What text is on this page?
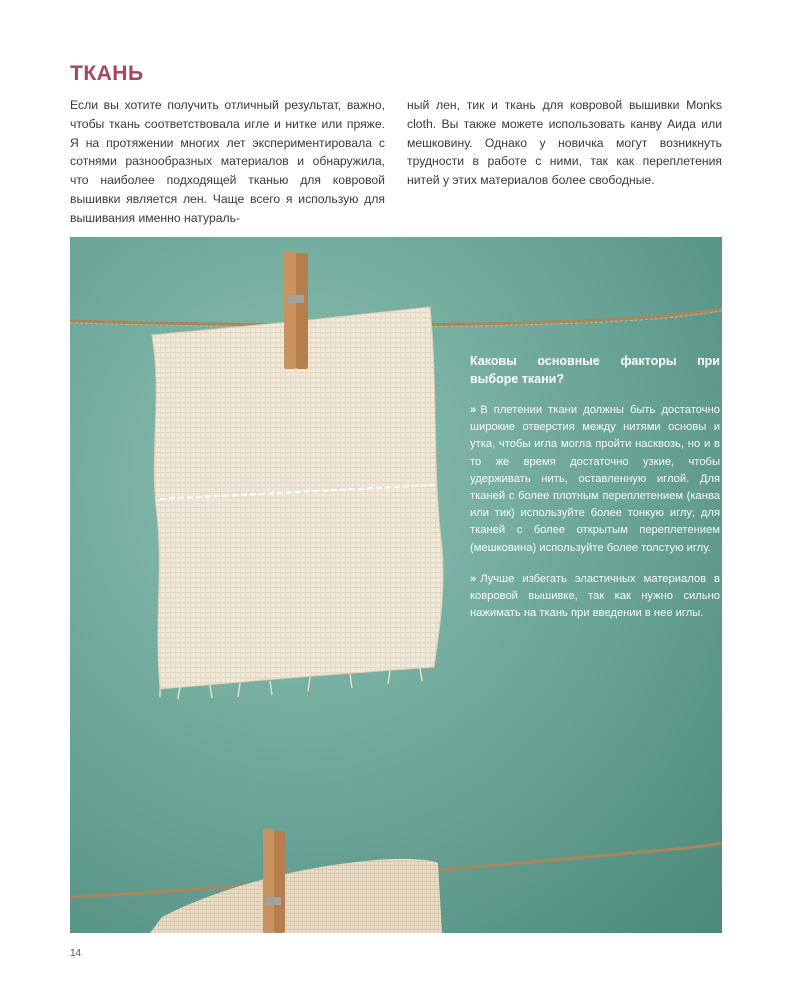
ТКАНЬ

Если вы хотите получить отличный результат, важно, чтобы ткань соответствовала игле и нитке или пряже. Я на протяжении многих лет экспериментировала с сотнями разнообразных материалов и обнаружила, что наиболее подходящей тканью для ковровой вышивки является лен. Чаще всего я использую для вышивания именно натураль-

ный лен, тик и ткань для ковровой вышивки Monks cloth. Вы также можете использовать канву Аида или мешковину. Однако у новичка могут возникнуть трудности в работе с ними, так как переплетения нитей у этих материалов более свободные.

Каковы основные факторы при выборе ткани?

» В плетении ткани должны быть достаточно широкие отверстия между нитями основы и утка, чтобы игла могла пройти насквозь, но и в то же время достаточно узкие, чтобы удерживать нить, оставленную иглой. Для тканей с более плотным переплетением (канва или тик) используйте более тонкую иглу; для тканей с более открытым переплетением (мешковина) используйте более толстую иглу.

» Лучше избегать эластичных материалов в ковровой вышивке, так как нужно сильно нажимать на ткань при введении в нее иглы.

14
